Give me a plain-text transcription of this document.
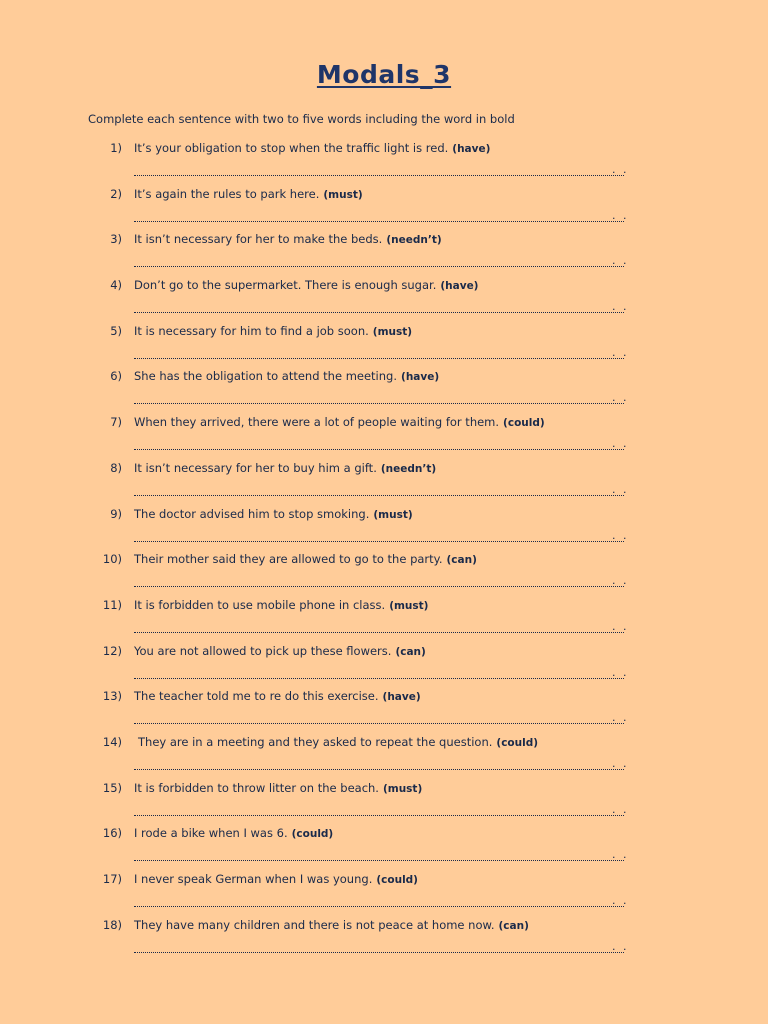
Modals_3
Complete each sentence with two to five words including the word in bold
1) It’s your obligation to stop when the traffic light is red. (have)
. .
2) It’s again the rules to park here. (must)
. .
3) It isn’t necessary for her to make the beds. (needn’t)
. .
4) Don’t go to the supermarket. There is enough sugar. (have)
. .
5) It is necessary for him to find a job soon. (must)
. .
6) She has the obligation to attend the meeting. (have)
. .
7) When they arrived, there were a lot of people waiting for them. (could)
. .
8) It isn’t necessary for her to buy him a gift. (needn’t)
. .
9) The doctor advised him to stop smoking. (must)
. .
10) Their mother said they are allowed to go to the party. (can)
. .
11) It is forbidden to use mobile phone in class. (must)
. .
12) You are not allowed to pick up these flowers. (can)
. .
13) The teacher told me to re do this exercise. (have)
. .
14) They are in a meeting and they asked to repeat the question. (could)
. .
15) It is forbidden to throw litter on the beach. (must)
. .
16) I rode a bike when I was 6. (could)
. .
17) I never speak German when I was young. (could)
. .
18) They have many children and there is not peace at home now. (can)
. .
